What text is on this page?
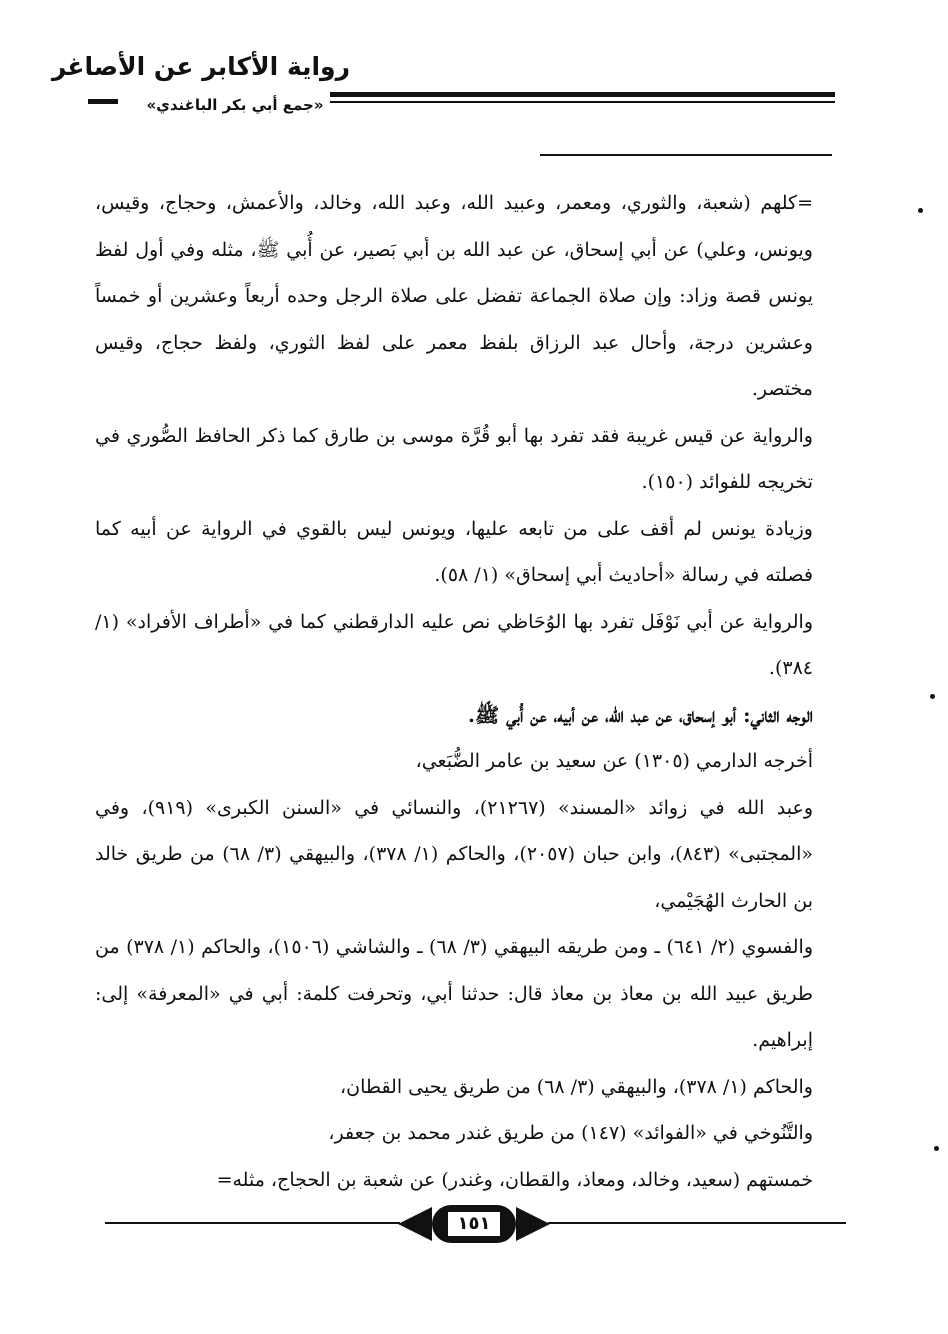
رواية الأكابر عن الأصاغر
«جمع أبي بكر الباغندي»

=كلهم (شعبة، والثوري، ومعمر، وعبيد الله، وعبد الله، وخالد، والأعمش، وحجاج، وقيس، ويونس، وعلي) عن أبي إسحاق، عن عبد الله بن أبي بَصير، عن أُبي ﷺ، مثله وفي أول لفظ يونس قصة وزاد: وإن صلاة الجماعة تفضل على صلاة الرجل وحده أربعاً وعشرين أو خمساً وعشرين درجة، وأحال عبد الرزاق بلفظ معمر على لفظ الثوري، ولفظ حجاج، وقيس مختصر.

والرواية عن قيس غريبة فقد تفرد بها أبو قُرَّة موسى بن طارق كما ذكر الحافظ الصُّوري في تخريجه للفوائد (١٥٠).

وزيادة يونس لم أقف على من تابعه عليها، ويونس ليس بالقوي في الرواية عن أبيه كما فصلته في رسالة «أحاديث أبي إسحاق» (١/ ٥٨).

والرواية عن أبي نَوْفَل تفرد بها الوُحَاظي نص عليه الدارقطني كما في «أطراف الأفراد» (١/ ٣٨٤).

الوجه الثاني: أبو إسحاق، عن عبد الله، عن أبيه، عن أُبي ﷺ.

أخرجه الدارمي (١٣٠٥) عن سعيد بن عامر الضُّبَعي،

وعبد الله في زوائد «المسند» (٢١٢٦٧)، والنسائي في «السنن الكبرى» (٩١٩)، وفي «المجتبى» (٨٤٣)، وابن حبان (٢٠٥٧)، والحاكم (١/ ٣٧٨)، والبيهقي (٣/ ٦٨) من طريق خالد بن الحارث الهُجَيْمي،

والفسوي (٢/ ٦٤١) ـ ومن طريقه البيهقي (٣/ ٦٨) ـ والشاشي (١٥٠٦)، والحاكم (١/ ٣٧٨) من طريق عبيد الله بن معاذ بن معاذ قال: حدثنا أبي، وتحرفت كلمة: أبي في «المعرفة» إلى: إبراهيم.

والحاكم (١/ ٣٧٨)، والبيهقي (٣/ ٦٨) من طريق يحيى القطان،

والتَّنُوخي في «الفوائد» (١٤٧) من طريق غندر محمد بن جعفر،

خمستهم (سعيد، وخالد، ومعاذ، والقطان، وغندر) عن شعبة بن الحجاج، مثله=

١٥١
